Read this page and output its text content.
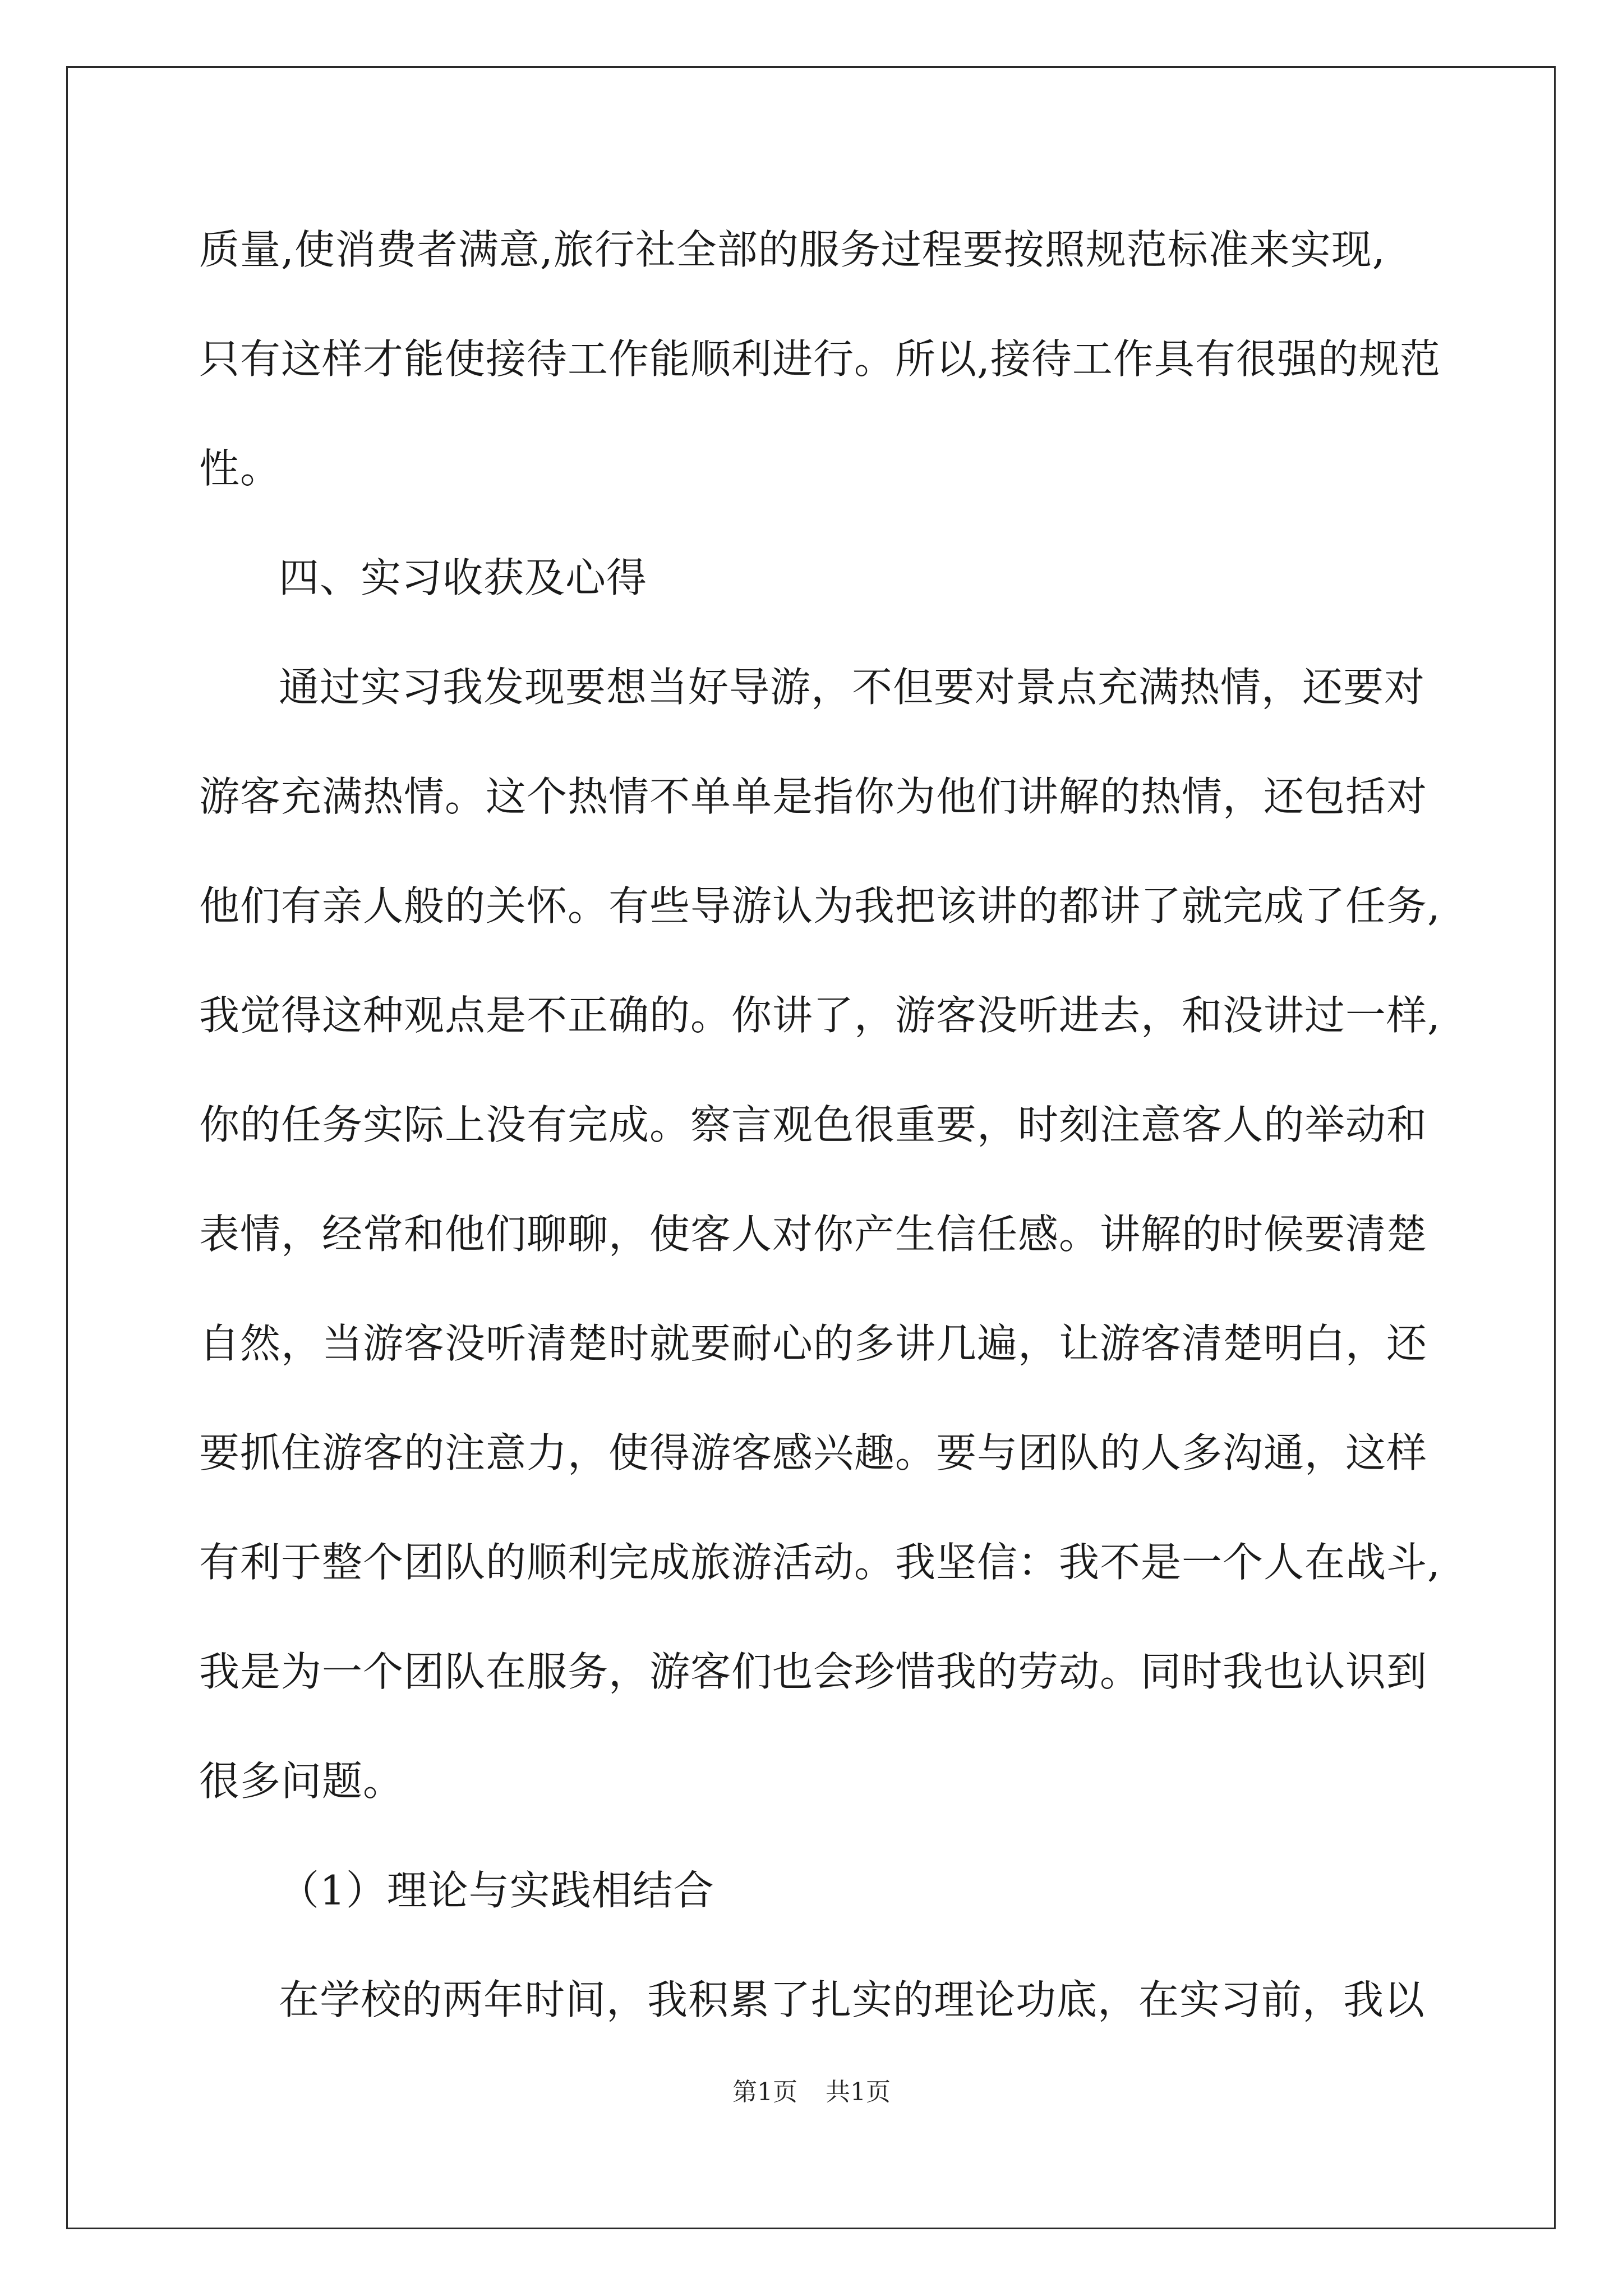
质量,使消费者满意,旅行社全部的服务过程要按照规范标准来实现,
只有这样才能使接待工作能顺利进行。所以,接待工作具有很强的规范
性。
四、实习收获及心得
通过实习我发现要想当好导游，不但要对景点充满热情，还要对
游客充满热情。这个热情不单单是指你为他们讲解的热情，还包括对
他们有亲人般的关怀。有些导游认为我把该讲的都讲了就完成了任务,
我觉得这种观点是不正确的。你讲了，游客没听进去，和没讲过一样,
你的任务实际上没有完成。察言观色很重要，时刻注意客人的举动和
表情，经常和他们聊聊，使客人对你产生信任感。讲解的时候要清楚
自然，当游客没听清楚时就要耐心的多讲几遍，让游客清楚明白，还
要抓住游客的注意力，使得游客感兴趣。要与团队的人多沟通，这样
有利于整个团队的顺利完成旅游活动。我坚信：我不是一个人在战斗,
我是为一个团队在服务，游客们也会珍惜我的劳动。同时我也认识到
很多问题。
（1）理论与实践相结合
在学校的两年时间，我积累了扎实的理论功底，在实习前，我以
第1页 共1页
